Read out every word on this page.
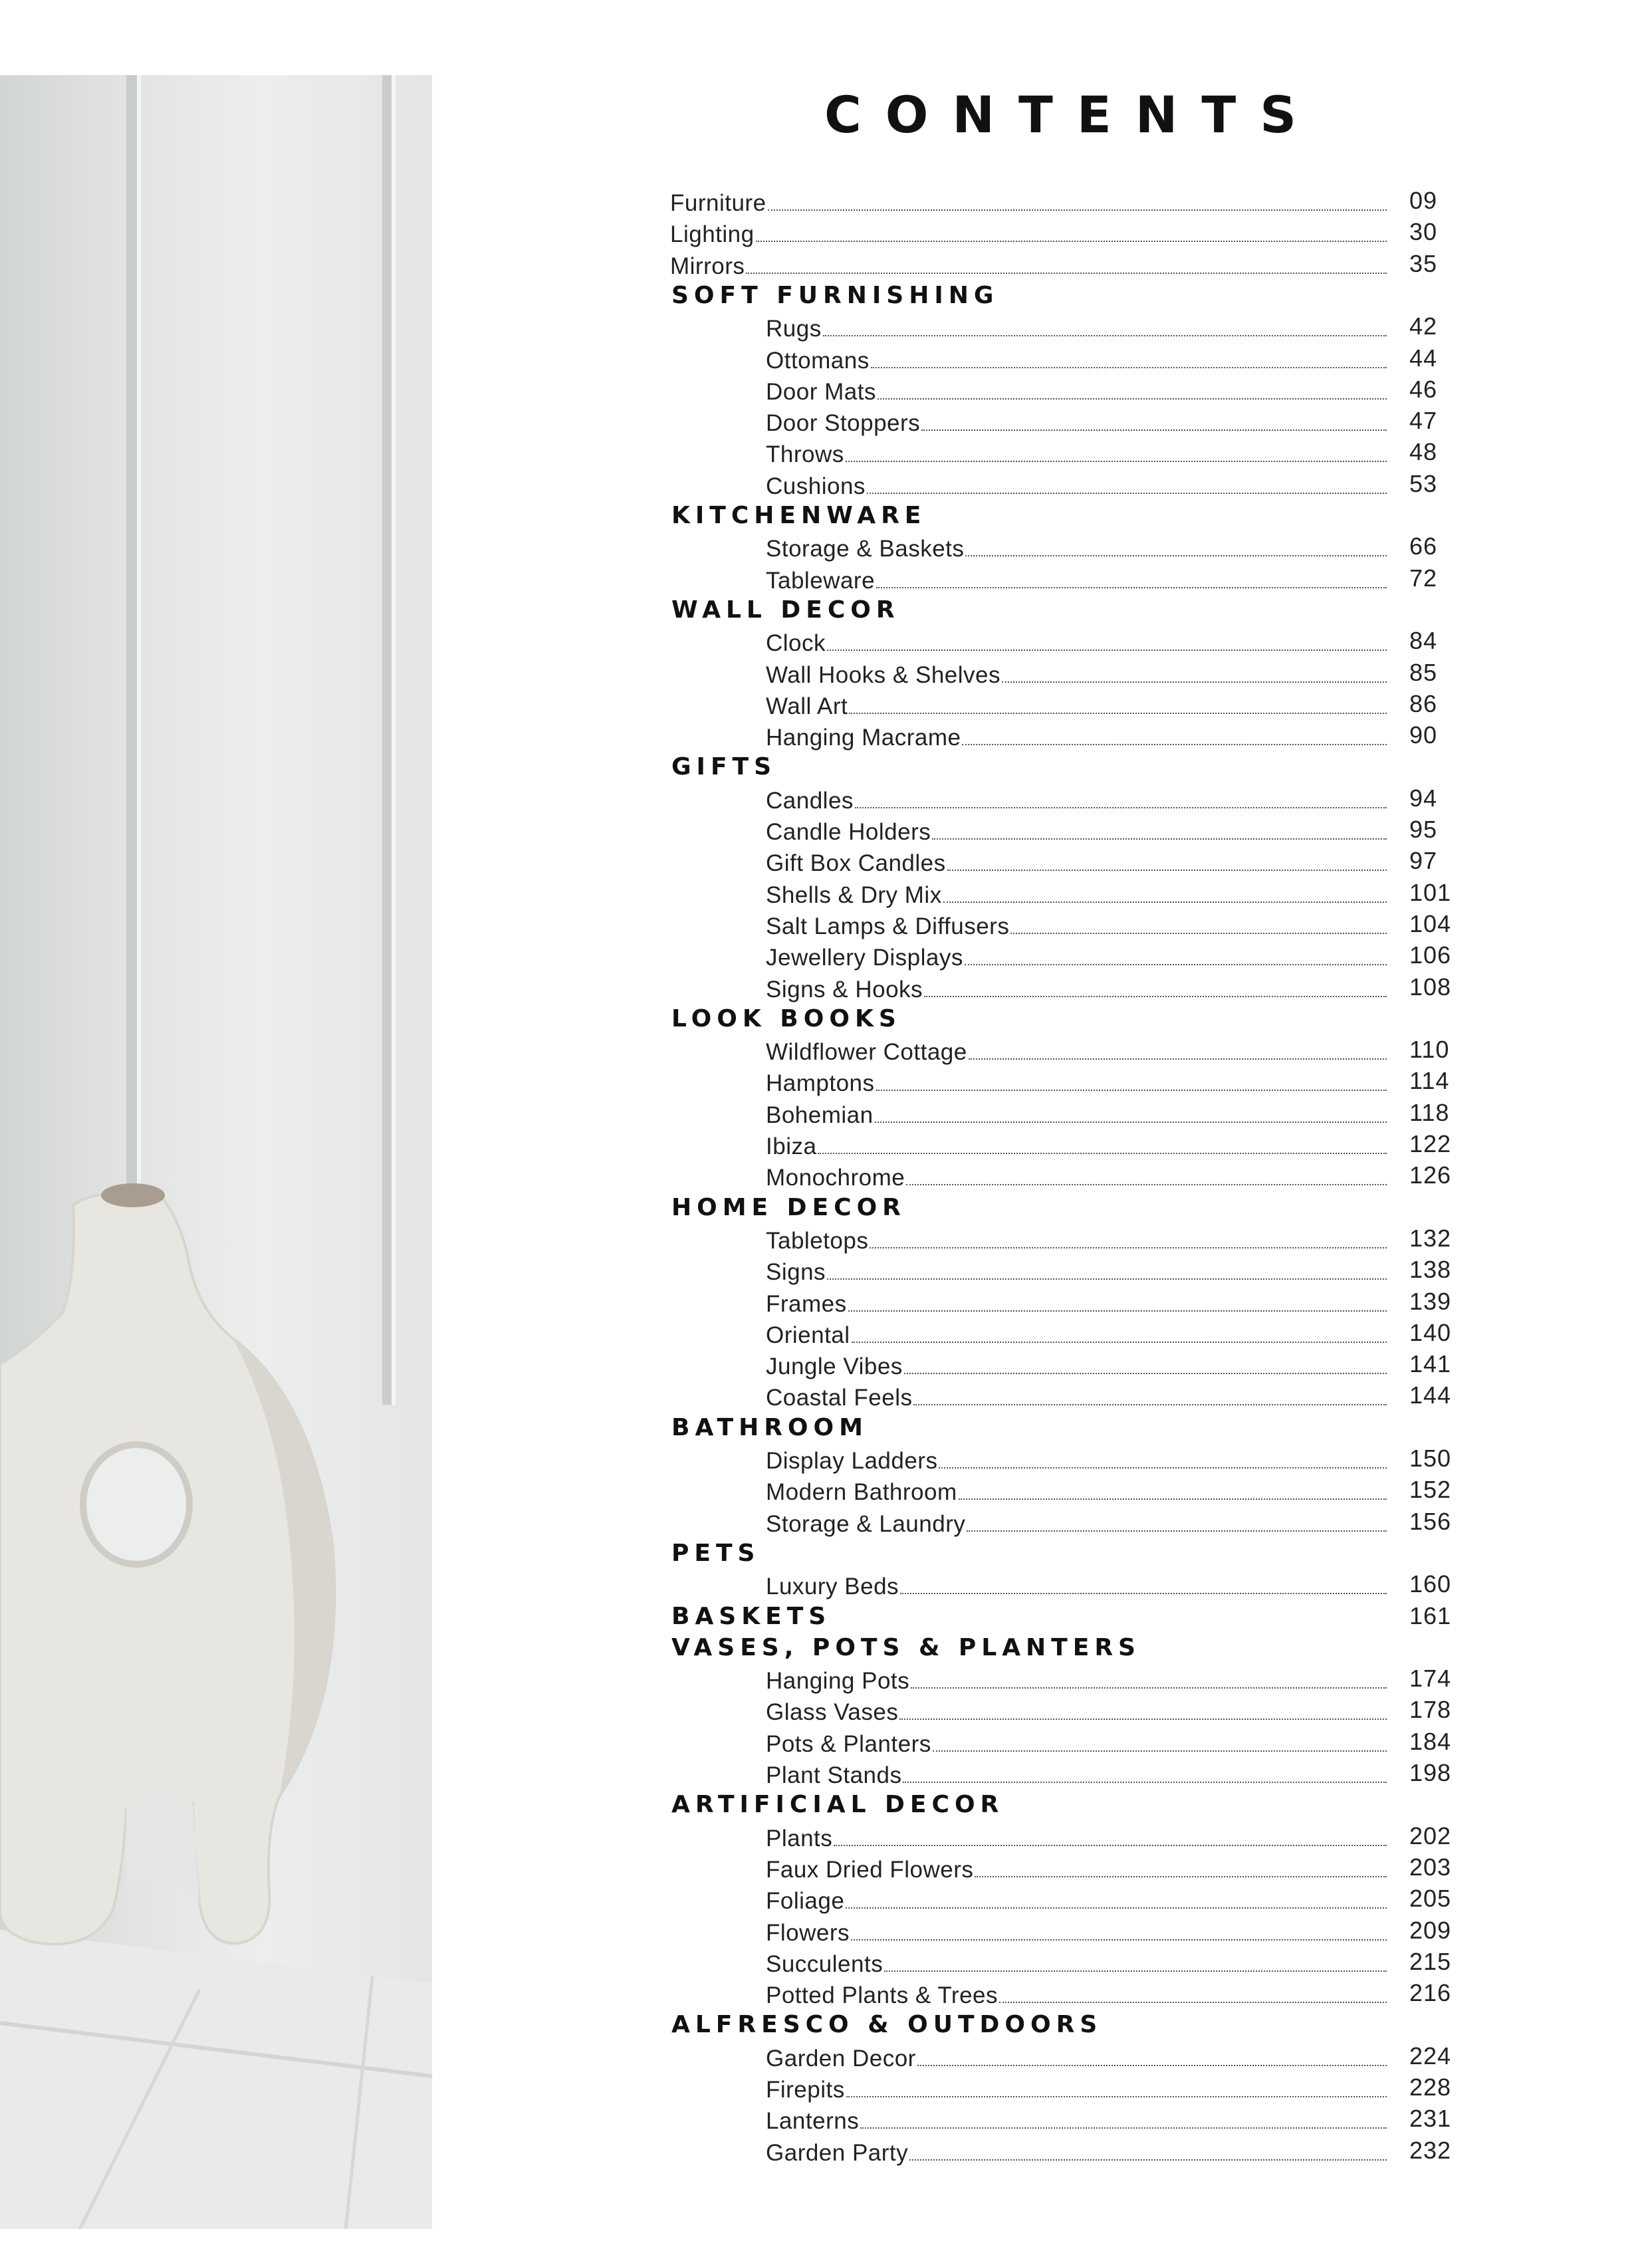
CONTENTS
Furniture	09
Lighting	30
Mirrors	35
SOFT FURNISHING
Rugs	42
Ottomans	44
Door Mats	46
Door Stoppers	47
Throws	48
Cushions	53
KITCHENWARE
Storage & Baskets	66
Tableware	72
WALL DECOR
Clock	84
Wall Hooks & Shelves	85
Wall Art	86
Hanging Macrame	90
GIFTS
Candles	94
Candle Holders	95
Gift Box Candles	97
Shells & Dry Mix	101
Salt Lamps & Diffusers	104
Jewellery Displays	106
Signs & Hooks	108
LOOK BOOKS
Wildflower Cottage	110
Hamptons	114
Bohemian	118
Ibiza	122
Monochrome	126
HOME DECOR
Tabletops	132
Signs	138
Frames	139
Oriental	140
Jungle Vibes	141
Coastal Feels	144
BATHROOM
Display Ladders	150
Modern Bathroom	152
Storage & Laundry	156
PETS
Luxury Beds	160
BASKETS	161
VASES, POTS & PLANTERS
Hanging Pots	174
Glass Vases	178
Pots & Planters	184
Plant Stands	198
ARTIFICIAL DECOR
Plants	202
Faux Dried Flowers	203
Foliage	205
Flowers	209
Succulents	215
Potted Plants & Trees	216
ALFRESCO & OUTDOORS
Garden Decor	224
Firepits	228
Lanterns	231
Garden Party	232
